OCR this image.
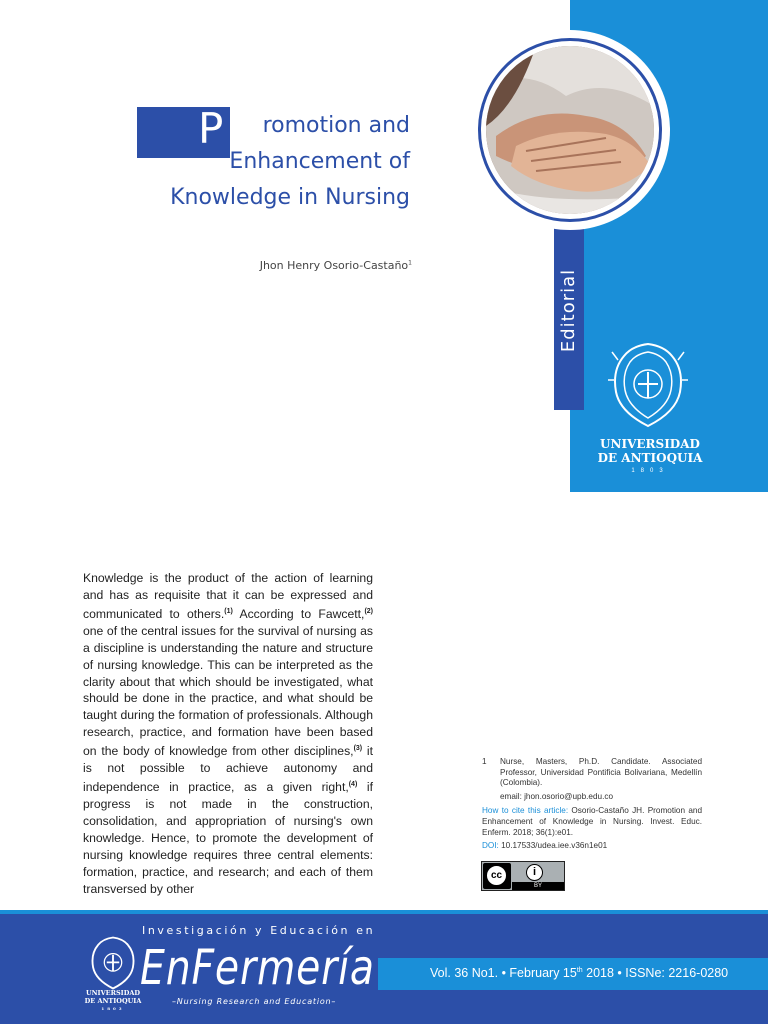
Editorial
UNIVERSIDAD
DE ANTIOQUIA
1803
P	romotion and
Enhancement of
Knowledge in Nursing
Jhon Henry Osorio-Castaño$^1$
Knowledge is the product of the action of learning and has as requisite that it can be expressed and communicated to others.$^{(1)}$ According to Fawcett,$^{(2)}$ one of the central issues for the survival of nursing as a discipline is understanding the nature and structure of nursing knowledge. This can be interpreted as the clarity about that which should be investigated, what should be done in the practice, and what should be taught during the formation of professionals. Although research, practice, and formation have been based on the body of knowledge from other disciplines,$^{(3)}$ it is not possible to achieve autonomy and independence in practice, as a given right,$^{(4)}$ if progress is not made in the construction, consolidation, and appropriation of nursing's own knowledge. Hence, to promote the development of nursing knowledge requires three central elements: formation, practice, and research; and each of them transversed by other
1	Nurse, Masters, Ph.D. Candidate. Associated Professor, Universidad Pontificia Bolivariana, Medellín (Colombia).
email: jhon.osorio@upb.edu.co
How to cite this article: Osorio-Castaño JH. Promotion and Enhancement of Knowledge in Nursing. Invest. Educ. Enferm. 2018; 36(1):e01.
DOI: 10.17533/udea.iee.v36n1e01
cc	i
BY
UNIVERSIDAD
DE ANTIOQUIA
1803
Investigación y Educación en
EnFermería
–Nursing Research and Education–
Vol. 36 No1. • February 15th 2018 • ISSNe: 2216-0280
